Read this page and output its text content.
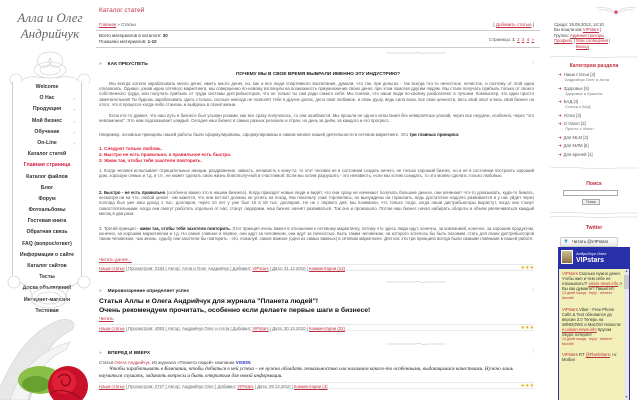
Алла и Олег
Андрийчук
Welcome
О Нас	›
Продукция	›
Мой бизнес	›
Обучение	›
On-Line	›
Каталог статей
Главная страница
Каталог файлов
Блог
Форум
Фотоальбомы
Гостевая книга
Обратная связь
FAQ (вопрос/ответ)
Информация о сайте
Каталог сайтов
Тесты
Доска объявлений
Интернет-магазин
Тестовая
Каталог статей
Главная » Статьи	[ Добавить статью ]
Всего материалов в каталоге: 30
Показано материалов: 1-10	Страницы: 1 2 3 4 »
» КАК ПРЕУСПЕТЬ	⁝
ПОЧЕМУ МЫ В СВОЕ ВРЕМЯ ВЫБРАЛИ ИМЕННО ЭТУ ИНДУСТРИЮ?
Мы всегда хотели зарабатывать много денег, иметь много денег, но, как и все люди спортивного воспитания, думали, что так, при деньгах - так всегда что-то нечестное, нечистое, и поэтому от этой идеи отказались. Однако, узнав идею сетевого маркетинга, мы совершенно по-новому взглянули на возможность приумножения своих денег, при этом помогая другим людям. Мы стали получать прибыль только от своего собственного труда, или получать прибыль от труда системы дистрибьюторов, что не только ты сам ради самого себя. Мы поняли, что наши люди по-своему разбогатеют в лучшем. Компьютер, это идеи просто замечательная! Ты будешь зарабатывать здесь столько, сколько никогда не позволят тебе в других делах, дело своё любимое, и свою душу, ведь сила воли, все свои ценности, весь свой опыт и весь свой бизнес на этого, что в процессе когда-либо станешь и выйдешь в своей жизни.
Если кто-то думает, что наш путь в бизнесе был усыпан розами, как все сразу получалось, то они ошибаются. Мы прошли не одного испытания без невероятных усилий, через все неудачи, особенно, через "это невозможно". Это нам подсказывает каждый. Сегодня наш бизнес в самых разных регионах и стран, но день за днём, за каждого и его прогресс.
Например, основные принципы нашей работы были сформулированы, сформулированы в самом начале нашей деятельности в сетевом маркетинге. Это три главных принципа:
1. Следуют только любовь.
2. Быстро не есть правильно, а правильное есть быстро.
3. Живи так, чтобы тебя захотели повторить.
1. Когда человек испытывает отрицательные эмоции, раздражение, зависть, ненависть к кому-то, то этот человек не в состоянии создать ничего, не только хороший бизнес, но и не в состоянии построить хороший дом, хорошую семью и т.д. и т.п., не может сделать свою жизнь благополучной и счастливой. Если мы хотим разрушать - это ненависть, если мы хотим созидать, то это можно сделать только любовью.
2. Быстро - не есть правильно (особенно важно это в нашем бизнесе). Когда приходят новые люди и видят, что они сразу не начинают получать большие деньги, они начинают что-то доказывать, куда-то бежать, несмотря ни на что, любой ценой - им кажется, что они вот-вот должны не успеть на поезд. Мы поначалу тоже торопились, но вынуждены на тормозить, ведь достаточно надолго развивается и у нас уйдёт через полгода был уже наш доход 1 тыс. долларов, через 10 лет у уже был 10 в 18 тыс. долларов. Но не с первого дня, мы понимали, что только тогда, когда наши дистрибьюторы вырастут, когда они станут самостоятельными, когда они смогут работать отдельно от нас, станут лидерами, наш бизнес начнёт развиваться. Так оно и произошло. Потом наш бизнес начал набирать обороты и объём увеличиваться каждый месяц в два раза.
3. Третий принцип - живи так, чтобы тебя захотели повторить. Этот принцип очень важен в отношении к сетевому маркетингу, потому что здесь люди идут, конечно, за компанией, конечно, за хорошим продуктом, конечно, за хорошим маркетингом и т.д. Но самое главное и первое, они идут за человеком, они идут за личностью. Быть таким человеком, на которого хотелось бы быть похожим, стать для своих дистрибьюторов таким человеком, чью жизнь, судьбу они захотели бы повторить - это, пожалуй, самое важное (одно из самых важных) в сетевом маркетинге. Для нас эти три принципа всегда были самыми главными в нашей работе.
Читать далее...
Наши статьи | Просмотров: 2183 | Автор: Алла и Олег Андрийчук | Добавил: VIPstars | Дата: 31.12.2010 | Комментарии (13)	★★★
» Мировоззрение определяет успех	⁝
Статья Аллы и Олега Андрийчук для журнала "Планета людей"!
Очень рекомендуем прочитать, особенно если делаете первые шаги в бизнесе!
Читать
Наши статьи | Просмотров: 4083 | Автор: Андрийчук Олег и Алла | Добавил: VIPstars | Дата: 30.12.2010 | Комментарии (32)	★★★
» ВПЕРЕД И ВВЕРХ	⁝
Статья Олега Андрийчук. Из журнала «Планета людей» компании VISION
Чтобы зарабатывать в Компании, чтобы добиться в ней успеха – не нужно обладать гениальностью или наличием какого-то особенными, выдающимися качествами. Нужно лишь научиться слушать, задавать вопросы и быть открытым для новой информации.
Наши статьи | Просмотров: 2727 | Автор: Андрийчук Олег | Добавил: VIPstars | Дата: 29.12.2010 | Комментарии (4)	★★★
Среда: 15.05.2013, 14:10
Вы вошли как VIPstars |
Группа: Администраторы
Профиль | Мои сообщения |
Выход
Категории раздела
➜ Наши статьи [3]
Андрийчук Олег и Алла
➜ Здоровье [5]
Здоровье и Красота
➜ БАД [4]
Статьи о БАД
➜ Успех [3]
➜ О Vision [3]
Просто о Vision
➜ Для MLM [2]
➜ Для МЛМ [5]
➜ Для врачей [1]
Поиск
Поиск
Twitter
▼ Читать @VIPstars
Андрийчук Олег
VIPstars
VIPstars Сколько нужно денег, чтобы жил и чем себе не отказывать?! vision-news.info А Вы как думаете? Пишите!!!
13 дней назад · reply · retweet · favorite
VIPstars Viber - Free Phone Calls & Text обновился до версии 3.0 Теперь на WINDOWS и MacOS! Новости: ru.vision-news.info Кругом Skype потерял!
14 дней назад · reply · retweet · favorite
VIPstars RT @FlashStars: ru: Мобил
▲
▼
